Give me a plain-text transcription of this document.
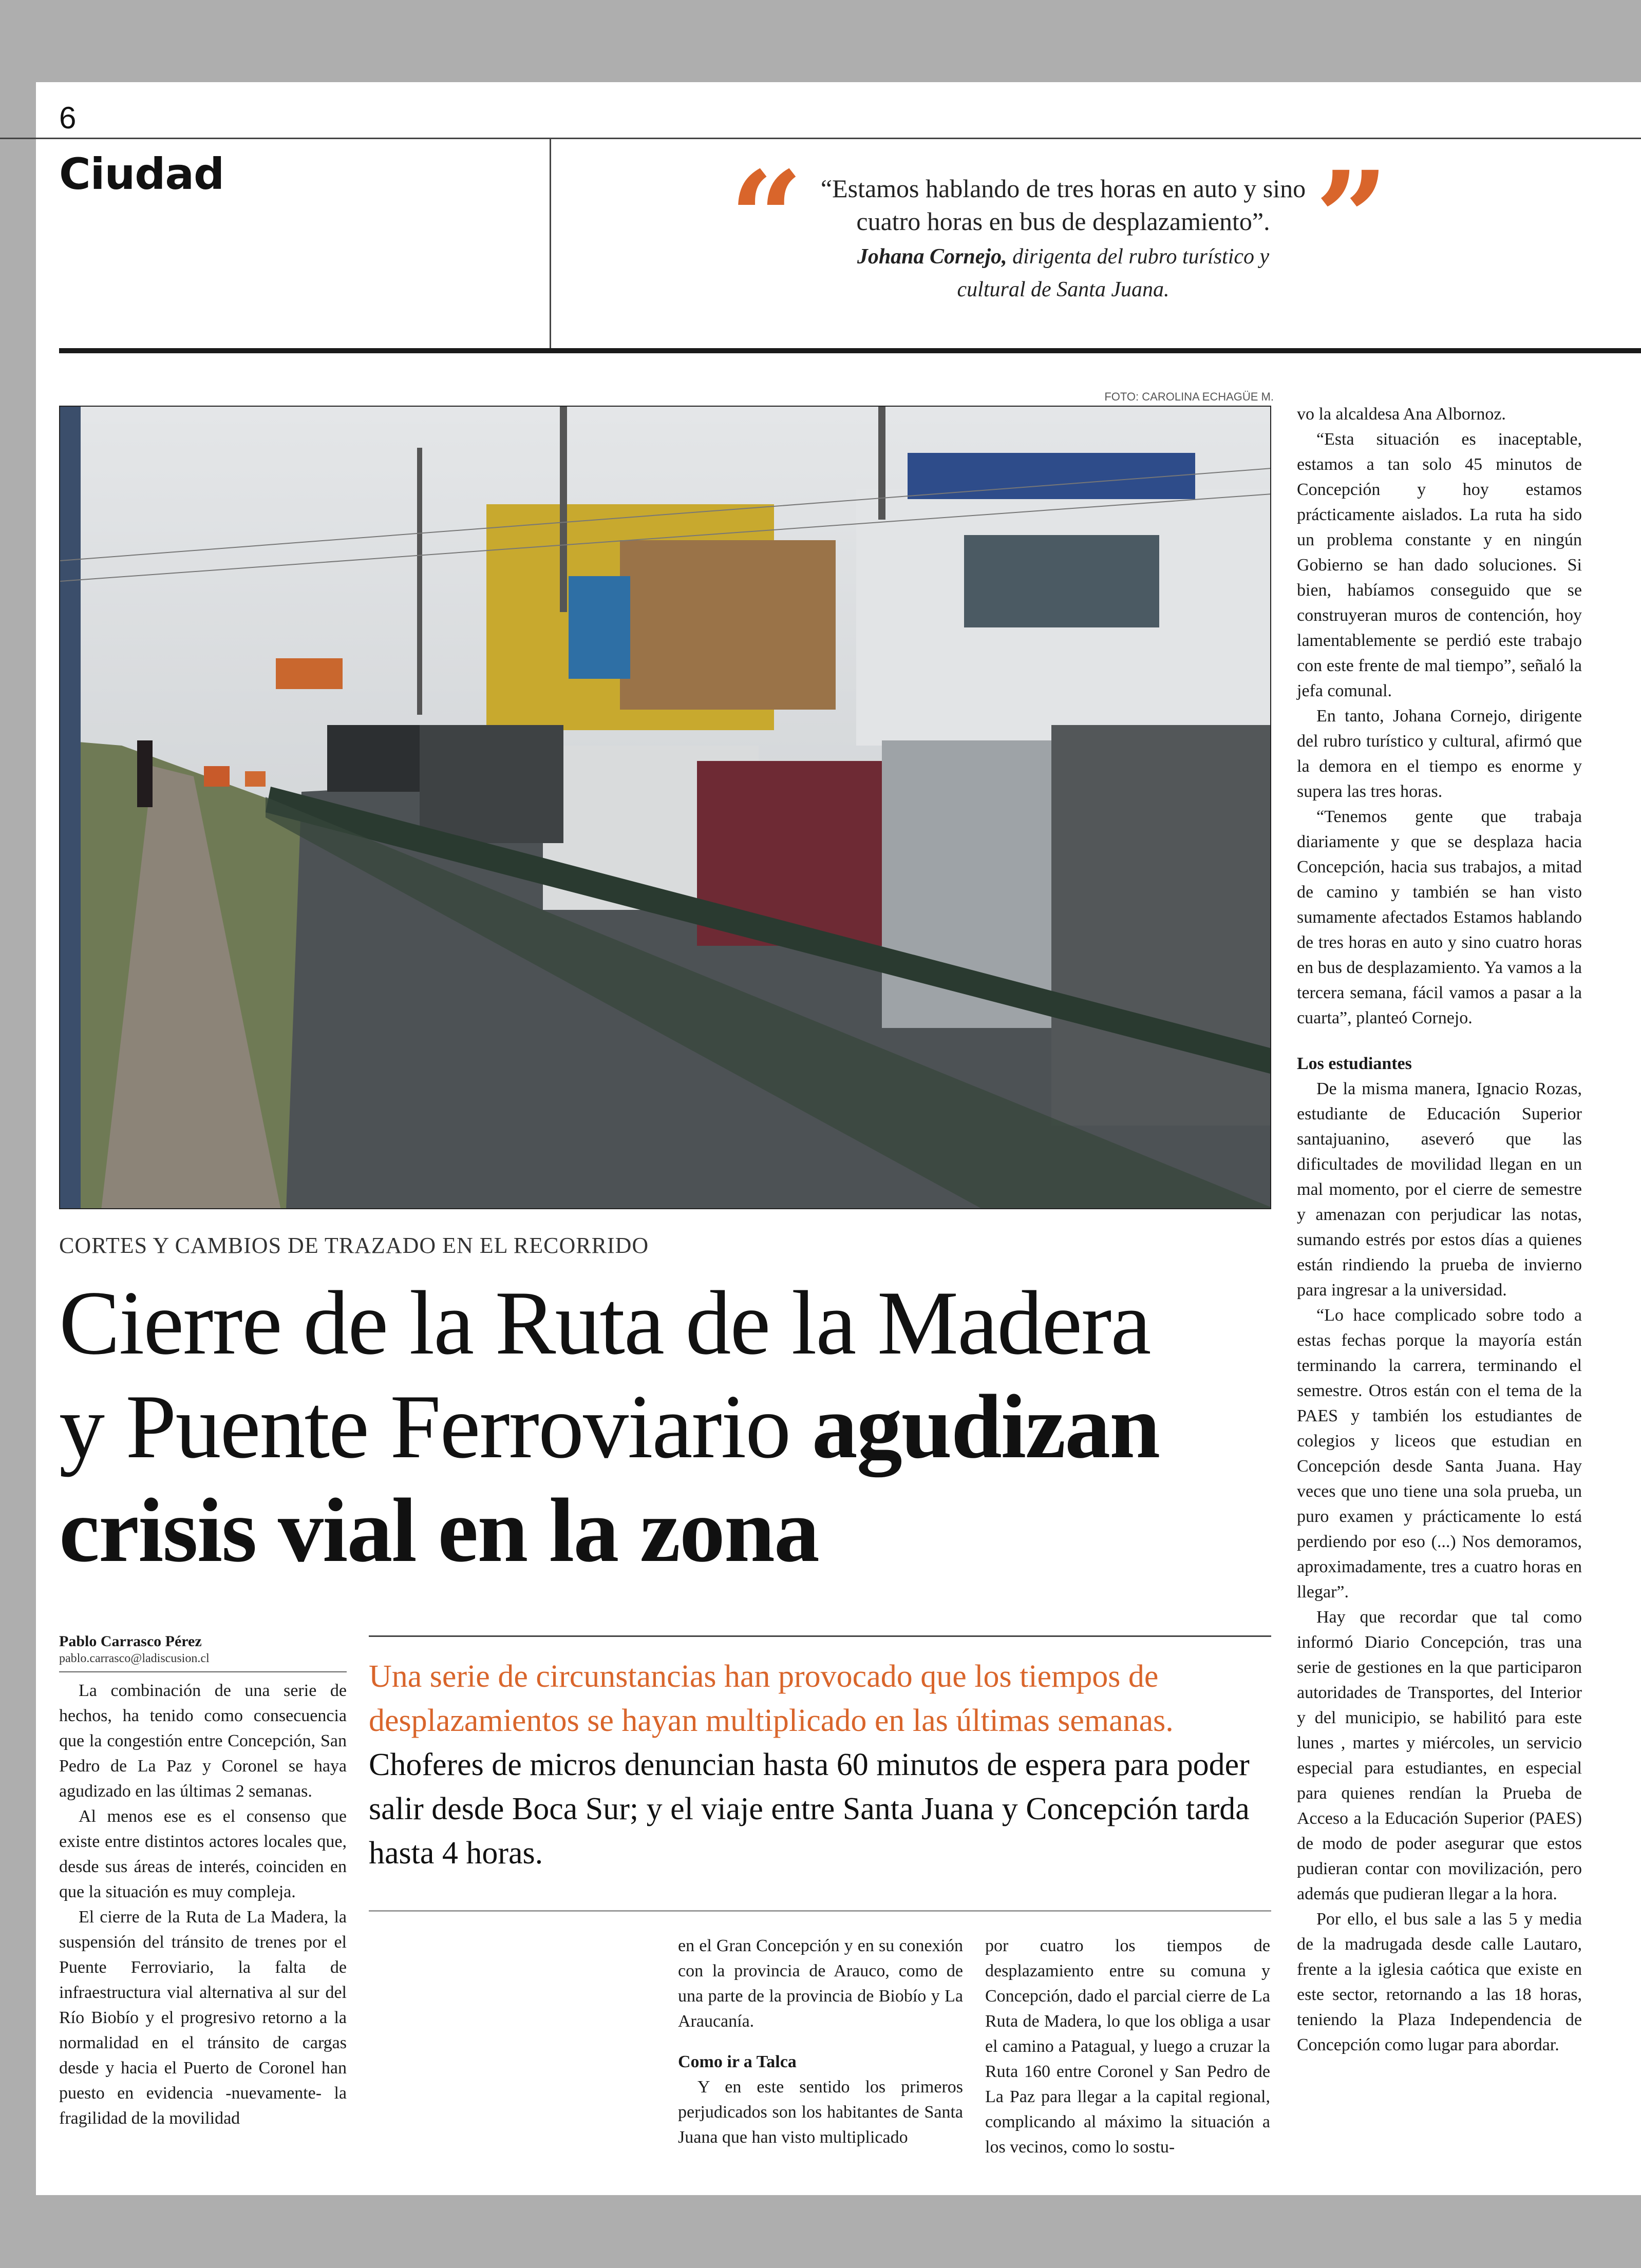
6
Ciudad	“	”
“Estamos hablando de tres horas en auto y sino cuatro horas en bus de desplazamiento”.
Johana Cornejo, dirigenta del rubro turístico y cultural de Santa Juana.
FOTO: CAROLINA ECHAGÜE M.
CORTES Y CAMBIOS DE TRAZADO EN EL RECORRIDO
Cierre de la Ruta de la Madera
y Puente Ferroviario agudizan
crisis vial en la zona
Pablo Carrasco Pérez
pablo.carrasco@ladiscusion.cl
Una serie de circunstancias han provocado que los tiempos de desplazamientos se hayan multiplicado en las últimas semanas. Choferes de micros denuncian hasta 60 minutos de espera para poder salir desde Boca Sur; y el viaje entre Santa Juana y Concepción tarda hasta 4 horas.

La combinación de una serie de hechos, ha tenido como consecuencia que la congestión entre Concepción, San Pedro de La Paz y Coronel se haya agudizado en las últimas 2 semanas.

Al menos ese es el consenso que existe entre distintos actores locales que, desde sus áreas de interés, coinciden en que la situación es muy compleja.

El cierre de la Ruta de La Madera, la suspensión del tránsito de trenes por el Puente Ferroviario, la falta de infraestructura vial alternativa al sur del Río Biobío y el progresivo retorno a la normalidad en el tránsito de cargas desde y hacia el Puerto de Coronel han puesto en evidencia -nuevamente- la fragilidad de la movilidad

en el Gran Concepción y en su conexión con la provincia de Arauco, como de una parte de la provincia de Biobío y La Araucanía.

Como ir a Talca

Y en este sentido los primeros perjudicados son los habitantes de Santa Juana que han visto multiplicado

por cuatro los tiempos de desplazamiento entre su comuna y Concepción, dado el parcial cierre de La Ruta de Madera, lo que los obliga a usar el camino a Patagual, y luego a cruzar la Ruta 160 entre Coronel y San Pedro de La Paz para llegar a la capital regional, complicando al máximo la situación a los vecinos, como lo sostu-

vo la alcaldesa Ana Albornoz.

“Esta situación es inaceptable, estamos a tan solo 45 minutos de Concepción y hoy estamos prácticamente aislados. La ruta ha sido un problema constante y en ningún Gobierno se han dado soluciones. Si bien, habíamos conseguido que se construyeran muros de contención, hoy lamentablemente se perdió este trabajo con este frente de mal tiempo”, señaló la jefa comunal.

En tanto, Johana Cornejo, dirigente del rubro turístico y cultural, afirmó que la demora en el tiempo es enorme y supera las tres horas.

“Tenemos gente que trabaja diariamente y que se desplaza hacia Concepción, hacia sus trabajos, a mitad de camino y también se han visto sumamente afectados Estamos hablando de tres horas en auto y sino cuatro horas en bus de desplazamiento. Ya vamos a la tercera semana, fácil vamos a pasar a la cuarta”, planteó Cornejo.

Los estudiantes

De la misma manera, Ignacio Rozas, estudiante de Educación Superior santajuanino, aseveró que las dificultades de movilidad llegan en un mal momento, por el cierre de semestre y amenazan con perjudicar las notas, sumando estrés por estos días a quienes están rindiendo la prueba de invierno para ingresar a la universidad.

“Lo hace complicado sobre todo a estas fechas porque la mayoría están terminando la carrera, terminando el semestre. Otros están con el tema de la PAES y también los estudiantes de colegios y liceos que estudian en Concepción desde Santa Juana. Hay veces que uno tiene una sola prueba, un puro examen y prácticamente lo está perdiendo por eso (...) Nos demoramos, aproximadamente, tres a cuatro horas en llegar”.

Hay que recordar que tal como informó Diario Concepción, tras una serie de gestiones en la que participaron autoridades de Transportes, del Interior y del municipio, se habilitó para este lunes , martes y miércoles, un servicio especial para estudiantes, en especial para quienes rendían la Prueba de Acceso a la Educación Superior (PAES) de modo de poder asegurar que estos pudieran contar con movilización, pero además que pudieran llegar a la hora.

Por ello, el bus sale a las 5 y media de la madrugada desde calle Lautaro, frente a la iglesia caótica que existe en este sector, retornando a las 18 horas, teniendo la Plaza Independencia de Concepción como lugar para abordar.
